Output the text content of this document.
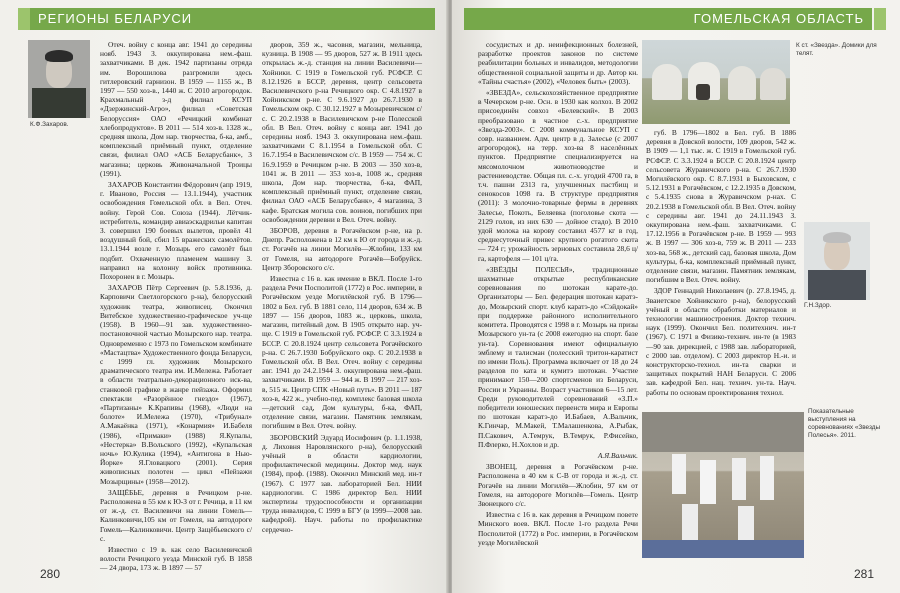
РЕГИОНЫ БЕЛАРУСИ
К.Ф.Захаров.

Отеч. войну с конца авг. 1941 до середины нояб. 1943 З. оккупирована нем.-фаш. захватчиками. В дек. 1942 партизаны отряда им. Ворошилова разгромили здесь гитлеровский гарнизон. В 1959 — 1155 ж., В 1997 — 550 хоз-в., 1440 ж. С 2010 агрогородок. Крахмальный з-д филиал КСУП «Дзержинский-Агро», филиал «Советская Белоруссия» ОАО «Речицкий комбинат хлебопродуктов». В 2011 — 514 хоз-в. 1328 ж., средняя школа, Дом нар. творчества, б-ка, амб., комплексный приёмный пункт, отделение связи, филиал ОАО «АСБ Беларусбанк», 3 магазина; церковь Живоначальной Троицы (1991).

ЗАХАРОВ Константин Фёдорович (апр 1919, г. Иваново, Россия — 13.1.1944), участник освобождения Гомельской обл. в Вел. Отеч. войну. Герой Сов. Союза (1944). Лётчик-истребитель, командир авиаэскадрильи капитан З. совершил 190 боевых вылетов, провёл 41 воздушный бой, сбил 15 вражеских самолётов. 13.1.1944 возле г. Мозырь его самолёт был подбит. Охваченную пламенем машину З. направил на колонну войск противника. Похоронен в г. Мозырь.

ЗАХАРОВ Пётр Сергеевич (р. 5.8.1936, д. Карповичи Светлогорского р-на), белорусский художник театра, живописец. Окончил Витебское художественно-графическое уч-ще (1958). В 1960—91 зав. художественно-постановочной частью Мозырского нар. театра. Одновременно с 1973 по Гомельском комбинате «Мастацтва» Художественного фонда Беларуси, с 1999 гл. художник Мозырского драматического театра им. И.Мележа. Работает в области театрально-декорационного иск-ва, станковой графике в жанре пейзажа. Оформил спектакли «Разорённое гнездо» (1967), «Партизаны» К.Крапивы (1968), «Люди на болоте» И.Мележа (1970), «Трибунал» А.Макаёнка (1971), «Конармия» И.Бабеля (1986), «Примаки» (1988) Я.Купалы, «Нестерка» В.Вольского (1992), «Купальская ночь» Ю.Кулика (1994), «Антигона в Нью-Йорке» Я.Гловацкого (2001). Серия живописных полотен — цикл «Пейзажи Мозырщины» (1958—2012).

ЗАЩЁБЬЕ, деревня в Речицком р-не. Расположена в 55 км к Ю-З от г. Речица, в 11 км от ж.-д. ст. Василевичи на линии Гомель—Калинковичи,105 км от Гомеля, на автодороге Гомель—Калинковичи. Центр Защёбьевского с/с.

Известно с 19 в. как село Василевичской волости Речицкого уезда Минской губ. В 1858 — 24 двора, 173 ж. В 1897 — 57

дворов, 359 ж., часовня, магазин, мельница, кузница. В 1908 — 95 дворов, 527 ж. В 1911 здесь открылась ж.-д. станция на линии Василевичи—Хойники. С 1919 в Гомельской губ. РСФСР. С 8.12.1926 в БССР, деревня, центр сельсовета Василевичского р-на Речицкого окр. С 4.8.1927 в Хойникском р-не. С 9.6.1927 до 26.7.1930 в Гомельском окр. С 30.12.1927 в Мозыревичском с/с. С 20.2.1938 в Василевичском р-не Полесской обл. В Вел. Отеч. войну с конца авг. 1941 до середины нояб. 1943 З. оккупирована нем.-фаш. захватчиками С 8.1.1954 в Гомельской обл. С 16.7.1954 в Василевичском с/с. В 1959 — 754 ж. С 16.9.1959 в Речицком р-не. В 2003 — 350 хоз-в, 1041 ж. В 2011 — 353 хоз-в, 1008 ж., средняя школа, Дом нар. творчества, б-ка, ФАП, комплексный приёмный пункт, отделение связи, филиал ОАО «АСБ Беларусбанк», 4 магазина, 3 кафе. Братская могила сов. воинов, погибших при освобождении деревни в Вел. Отеч. войну.

ЗБОРОВ, деревня в Рогачёвском р-не, на р. Днепр. Расположена в 12 км к Ю от города и ж.-д. ст. Рогачёв на линии Могилёв—Жлобин, 133 км от Гомеля, на автодороге Рогачёв—Бобруйск. Центр Зборовского с/с.

Известна с 16 в. как имение в ВКЛ. После 1-го раздела Речи Посполитой (1772) в Рос. империи, в Рогачёвском уезде Могилёвской губ. В 1796—1802 в Бел. губ. В 1881 село, 114 дворов, 634 ж. В 1897 — 156 дворов, 1083 ж., церковь, школа, магазин, питейный дом. В 1905 открыто нар. уч-ще. С 1919 в Гомельской губ. РСФСР. С 3.3.1924 в БССР. С 20.8.1924 центр сельсовета Рогачёвского р-на. С 26.7.1930 Бобруйского окр. С 20.2.1938 в Гомельской обл. В Вел. Отеч. войну с середины авг. 1941 до 24.2.1944 З. оккупирована нем.-фаш. захватчиками. В 1959 — 944 ж. В 1997 — 217 хоз-в, 515 ж. Центр СПК «Новый путь». В 2011 — 187 хоз-в, 422 ж., учебно-пед. комплекс базовая школа—детский сад, Дом культуры, б-ка, ФАП, отделение связи, магазин. Памятник землякам, погибшим в Вел. Отеч. войну.

ЗБОРОВСКИЙ Эдуард Иосифович (р. 1.1.1938, д. Лиховня Наровлянского р-на), белорусский учёный в области кардиологии, профилактической медицины. Доктор мед. наук (1984), проф. (1988). Окончил Минский мед. ин-т (1967). С 1977 зав. лабораторией Бел. НИИ кардиологии. С 1986 директор Бел. НИИ экспертизы трудоспособности и организации труда инвалидов, С 1999 в БГУ (в 1999—2008 зав. кафедрой). Науч. работы по профилактике сердечно-

280
ГОМЕЛЬСКАЯ ОБЛАСТЬ
К ст. «Звезда». Домики для телят.
Г.Н.Здор.

сосудистых и др. неинфекционных болезней, разработке проектов законов по системе реабилитации больных и инвалидов, методологии общественной социальной защиты и др. Автор кн. «Тайны счастья» (2002), «Человек быть» (2003).

«ЗВЕЗДА», сельскохозяйственное предприятие в Чечерском р-не. Осн. в 1930 как колхоз. В 2002 присоединён совхоз «Белевский». В 2003 преобразовано в частное с.-х. предприятие «Звезда-2003». С 2008 коммунальное КСУП с совр. названием. Адм. центр в д. Залесье (с 2007 агрогородок), на терр. хоз-ва 8 населённых пунктов. Предприятие специализируется на мясомолочном животноводстве и растениеводстве. Общая пл. с.-х. угодий 4700 га, в т.ч. пашни 2313 га, улучшенных пастбищ и сенокосов 1098 га. В структуре предприятия (2011): 3 молочно-товарные фермы в деревнях Залесье, Покоть, Беляевка (поголовье скота — 2129 голов, из них 630 — дойное стадо). В 2010 удой молока на корову составил 4577 кг в год, среднесуточный привес крупного рогатого скота — 724 г; урожайность зерновых составила 28,6 ц/га, картофеля — 101 ц/га.

«ЗВЁЗДЫ ПОЛЕСЬЯ», традиционные шахматные открытые республиканские соревнования по шотокан карате-до. Организаторы — Бел. федерация шотокан каратэ-до, Мозырский спорт. клуб каратэ-до «Сэйдокай» при поддержке районного исполнительного комитета. Проводятся с 1998 в г. Мозырь на призы Мозырского ун-та (с 2008 ежегодно на спорт. базе ун-та). Соревнования имеют официальную эмблему и талисман (полесский тритон-каратист по имени Поль). Программа включает от 18 до 24 разделов по ката и кумитэ шотокан. Участие принимают 150—200 спортсменов из Беларуси, России и Украины. Возраст участников 6—15 лет. Среди руководителей соревнований «З.П.» победители юношеских первенств мира и Европы по шотокан каратэ-до И.Бабаев, А.Вальчик, К.Гинчар, М.Макей, Т.Малашенкова, А.Рыбак, П.Сакович, А.Темрук, В.Темрук, Р.Фисейко, П.Флерко, Н.Хохлов и др.

А.Я.Вальчик.

ЗВОНЕЦ, деревня в Рогачёвском р-не. Расположена в 40 км к С-В от города и ж.-д. ст. Рогачёв на линии Могилёв—Жлобин, 97 км от Гомеля, на автодороге Могилёв—Гомель. Центр Звонецкого с/с.

Известна с 16 в. как деревня в Речицком повете Минского воев. ВКЛ. После 1-го раздела Речи Посполитой (1772) в Рос. империи, в Рогачёвском уезде Могилёвской

губ. В 1796—1802 в Бел. губ. В 1886 деревня в Довской волости, 109 дворов, 542 ж. В 1909 — 1,1 тыс. ж. С 1919 в Гомельской губ. РСФСР. С 3.3.1924 в БССР. С 20.8.1924 центр сельсовета Журавичского р-на. С 26.7.1930 Могилёвского окр. С 8.7.1931 в Быховском, с 5.12.1931 в Рогачёвском, с 12.2.1935 в Довском, с 5.4.1935 снова в Журавичском р-нах. С 20.2.1938 в Гомельской обл. В Вел. Отеч. войну с середины авг. 1941 до 24.11.1943 З. оккупирована нем.-фаш. захватчиками. С 17.12.1956 в Рогачёвском р-не. В 1959 — 993 ж. В 1997 — 306 хоз-в, 759 ж. В 2011 — 233 хоз-ва, 568 ж., детский сад, базовая школа, Дом культуры, б-ка, комплексный приёмный пункт, отделение связи, магазин. Памятник землякам, погибшим в Вел. Отеч. войну.

ЗДОР Геннадий Николаевич (р. 27.8.1945, д. Зваиетское Хойникского р-на), белорусский учёный в области обработки материалов и технологии машиностроения. Доктор технич. наук (1999). Окончил Бел. политехнич. ин-т (1967). С 1971 в Физико-технич. ин-те (в 1983—90 зав. дирекцией, с 1988 зав. лабораторией, с 2000 зав. отделом). С 2003 директор Н.-и. и конструкторско-технол. ин-та сварки и защитных покрытий НАН Беларуси. С 2006 зав. кафедрой Бел. нац. технич. ун-та. Науч. работы по основам проектирования технол.

Показательные выступления на соревнованиях «Звезды Полесья». 2011.
281
